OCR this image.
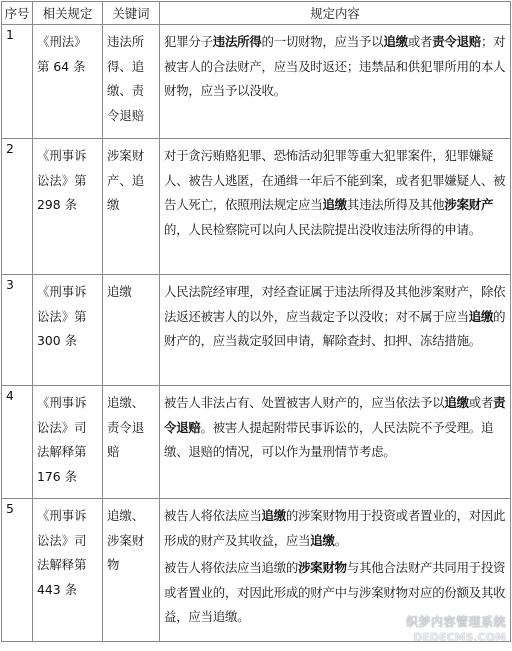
序号	相关规定	关键词	规定内容
1	《刑法》第 64 条	违法所得、追缴、责令退赔	犯罪分子违法所得的一切财物，应当予以追缴或者责令退赔；对被害人的合法财产，应当及时返还；违禁品和供犯罪所用的本人财物，应当予以没收。

2	《刑事诉讼法》第 298 条	涉案财产、追缴	对于贪污贿赂犯罪、恐怖活动犯罪等重大犯罪案件，犯罪嫌疑人、被告人逃匿，在通缉一年后不能到案，或者犯罪嫌疑人、被告人死亡，依照刑法规定应当追缴其违法所得及其他涉案财产的，人民检察院可以向人民法院提出没收违法所得的申请。

3	《刑事诉讼法》第 300 条	追缴	人民法院经审理，对经查证属于违法所得及其他涉案财产，除依法返还被害人的以外，应当裁定予以没收；对不属于应当追缴的财产的，应当裁定驳回申请，解除查封、扣押、冻结措施。

4	《刑事诉讼法》司法解释第 176 条	追缴、责令退赔	被告人非法占有、处置被害人财产的，应当依法予以追缴或者责令退赔。被害人提起附带民事诉讼的，人民法院不予受理。追缴、退赔的情况，可以作为量刑情节考虑。

5	《刑事诉讼法》司法解释第 443 条	追缴、涉案财物	被告人将依法应当追缴的涉案财物用于投资或者置业的，对因此形成的财产及其收益，应当追缴。
被告人将依法应当追缴的涉案财物与其他合法财产共同用于投资或者置业的，对因此形成的财产中与涉案财物对应的份额及其收益，应当追缴。	织梦内容管理系统
DEDECMS.COM
